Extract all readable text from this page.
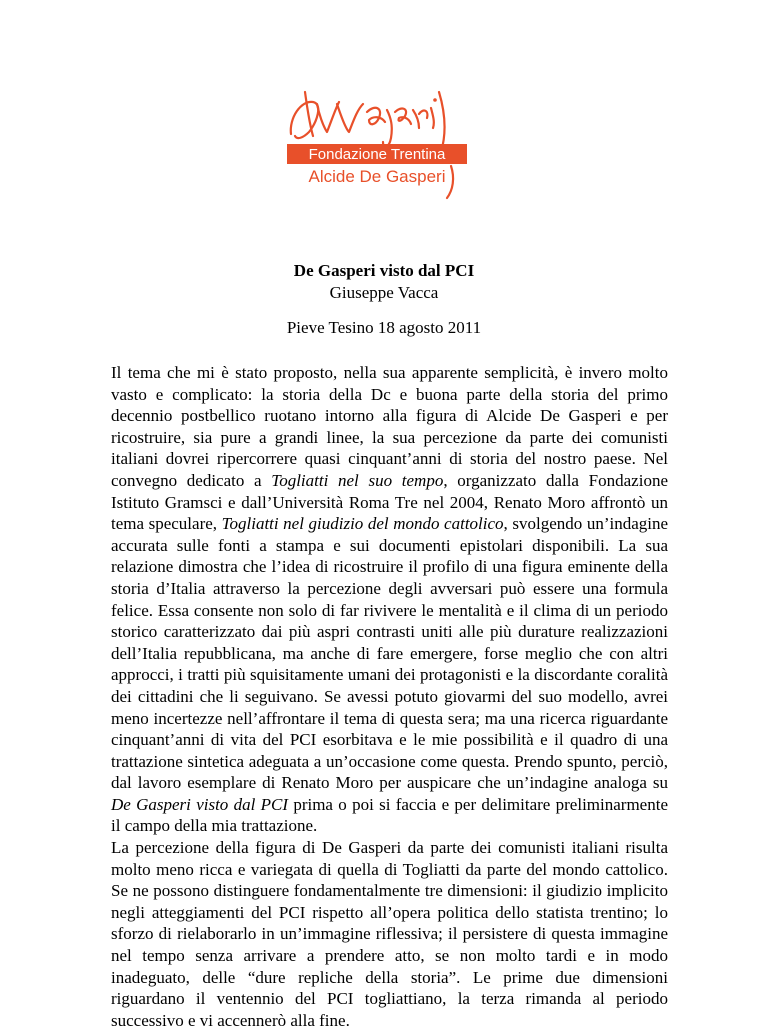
Fondazione Trentina
Alcide De Gasperi
De Gasperi visto dal PCI
Giuseppe Vacca
Pieve Tesino 18 agosto 2011

Il tema che mi è stato proposto, nella sua apparente semplicità, è invero molto vasto e complicato: la storia della Dc e buona parte della storia del primo decennio postbellico ruotano intorno alla figura di Alcide De Gasperi e per ricostruire, sia pure a grandi linee, la sua percezione da parte dei comunisti italiani dovrei ripercorrere quasi cinquant’anni di storia del nostro paese. Nel convegno dedicato a Togliatti nel suo tempo, organizzato dalla Fondazione Istituto Gramsci e dall’Università Roma Tre nel 2004, Renato Moro affrontò un tema speculare, Togliatti nel giudizio del mondo cattolico, svolgendo un’indagine accurata sulle fonti a stampa e sui documenti epistolari disponibili. La sua relazione dimostra che l’idea di ricostruire il profilo di una figura eminente della storia d’Italia attraverso la percezione degli avversari può essere una formula felice. Essa consente non solo di far rivivere le mentalità e il clima di un periodo storico caratterizzato dai più aspri contrasti uniti alle più durature realizzazioni dell’Italia repubblicana, ma anche di fare emergere, forse meglio che con altri approcci, i tratti più squisitamente umani dei protagonisti e la discordante coralità dei cittadini che li seguivano. Se avessi potuto giovarmi del suo modello, avrei meno incertezze nell’affrontare il tema di questa sera; ma una ricerca riguardante cinquant’anni di vita del PCI esorbitava e le mie possibilità e il quadro di una trattazione sintetica adeguata a un’occasione come questa. Prendo spunto, perciò, dal lavoro esemplare di Renato Moro per auspicare che un’indagine analoga su De Gasperi visto dal PCI prima o poi si faccia e per delimitare preliminarmente il campo della mia trattazione.

La percezione della figura di De Gasperi da parte dei comunisti italiani risulta molto meno ricca e variegata di quella di Togliatti da parte del mondo cattolico. Se ne possono distinguere fondamentalmente tre dimensioni: il giudizio implicito negli atteggiamenti del PCI rispetto all’opera politica dello statista trentino; lo sforzo di rielaborarlo in un’immagine riflessiva; il persistere di questa immagine nel tempo senza arrivare a prendere atto, se non molto tardi e in modo inadeguato, delle “dure repliche della storia”. Le prime due dimensioni riguardano il ventennio del PCI togliattiano, la terza rimanda al periodo successivo e vi accennerò alla fine.
